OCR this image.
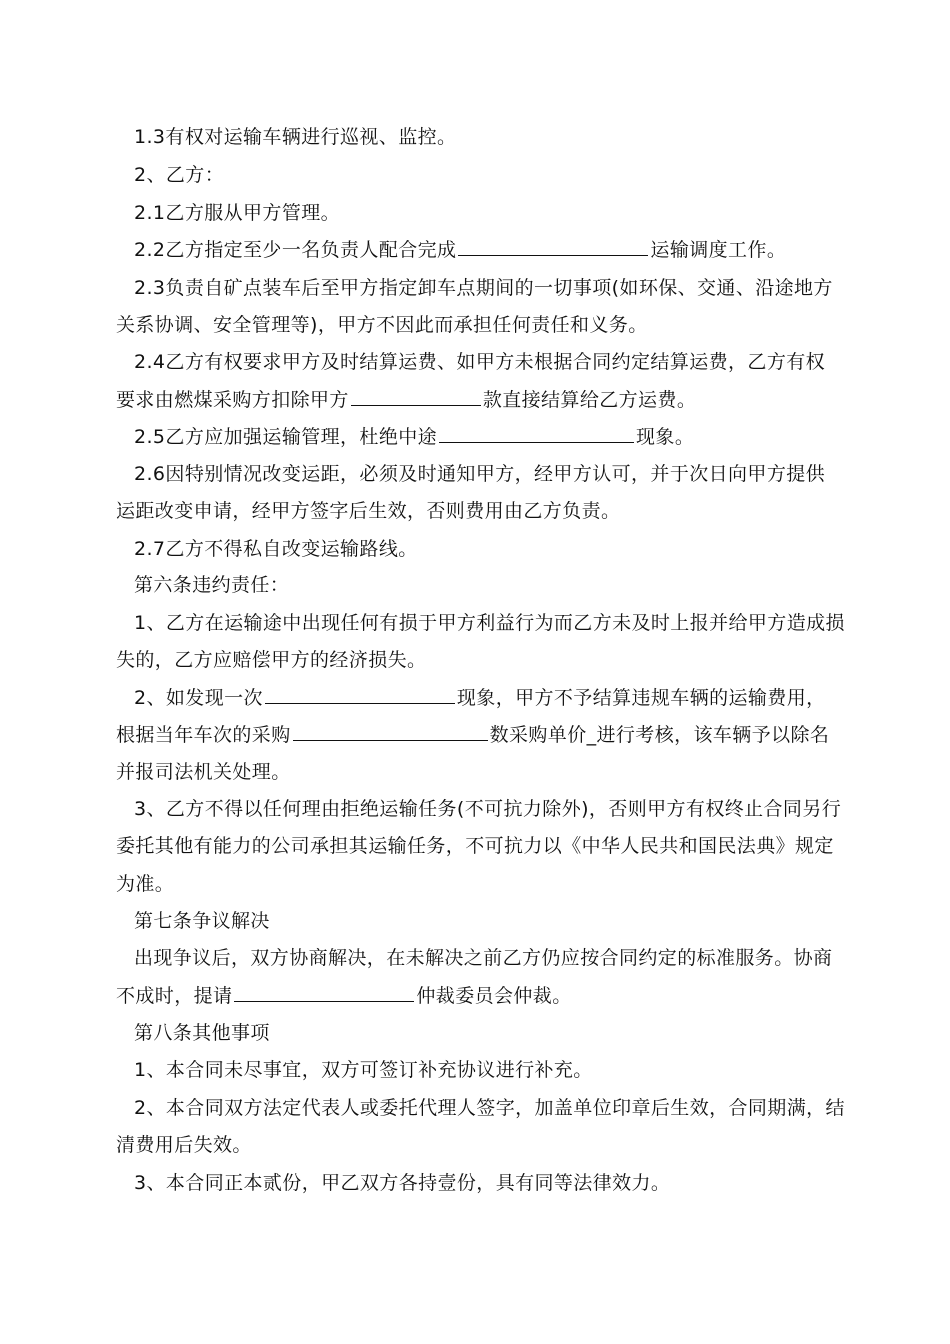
1.3有权对运输车辆进行巡视、监控。
2、乙方：
2.1乙方服从甲方管理。
2.2乙方指定至少一名负责人配合完成	运输调度工作。
2.3负责自矿点装车后至甲方指定卸车点期间的一切事项(如环保、交通、沿途地方
关系协调、安全管理等)，甲方不因此而承担任何责任和义务。
2.4乙方有权要求甲方及时结算运费、如甲方未根据合同约定结算运费，乙方有权
要求由燃煤采购方扣除甲方	款直接结算给乙方运费。
2.5乙方应加强运输管理，杜绝中途	现象。
2.6因特别情况改变运距，必须及时通知甲方，经甲方认可，并于次日向甲方提供
运距改变申请，经甲方签字后生效，否则费用由乙方负责。
2.7乙方不得私自改变运输路线。
第六条违约责任：
1、乙方在运输途中出现任何有损于甲方利益行为而乙方未及时上报并给甲方造成损
失的，乙方应赔偿甲方的经济损失。
2、如发现一次	现象，甲方不予结算违规车辆的运输费用，
根据当年车次的采购	数采购单价_进行考核，该车辆予以除名
并报司法机关处理。
3、乙方不得以任何理由拒绝运输任务(不可抗力除外)，否则甲方有权终止合同另行
委托其他有能力的公司承担其运输任务，不可抗力以《中华人民共和国民法典》规定
为准。
第七条争议解决
出现争议后，双方协商解决，在未解决之前乙方仍应按合同约定的标准服务。协商
不成时，提请	仲裁委员会仲裁。
第八条其他事项
1、本合同未尽事宜，双方可签订补充协议进行补充。
2、本合同双方法定代表人或委托代理人签字，加盖单位印章后生效，合同期满，结
清费用后失效。
3、本合同正本贰份，甲乙双方各持壹份，具有同等法律效力。
